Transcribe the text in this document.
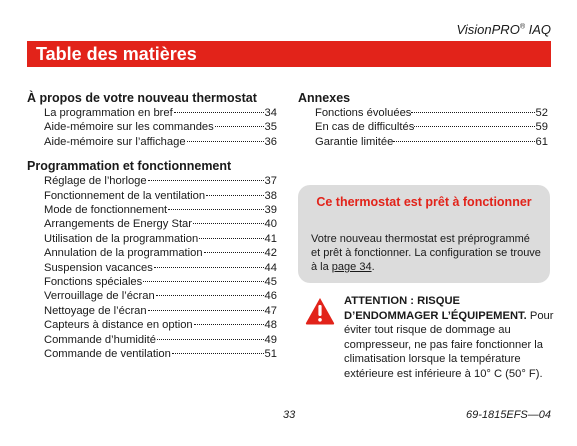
VisionPRO® IAQ
Table des matières
À propos de votre nouveau thermostat
La programmation en bref	34
Aide-mémoire sur les commandes	35
Aide-mémoire sur l’affichage	36
Programmation et fonctionnement
Réglage de l’horloge	37
Fonctionnement de la ventilation	38
Mode de fonctionnement	39
Arrangements de Energy Star	40
Utilisation de la programmation	41
Annulation de la programmation	42
Suspension vacances	44
Fonctions spéciales	45
Verrouillage de l’écran	46
Nettoyage de l’écran	47
Capteurs à distance en option	48
Commande d’humidité	49
Commande de ventilation	51
Annexes
Fonctions évoluées	52
En cas de difficultés	59
Garantie limitée	61
Ce thermostat est prêt à fonctionner
Votre nouveau thermostat est préprogrammé et prêt à fonctionner. La configuration se trouve à la page 34.
ATTENTION : RISQUE D’ENDOMMAGER L’ÉQUIPEMENT. Pour éviter tout risque de dommage au compresseur, ne pas faire fonctionner la climatisation lorsque la température extérieure est inférieure à 10° C (50° F).
33	69-1815EFS—04
